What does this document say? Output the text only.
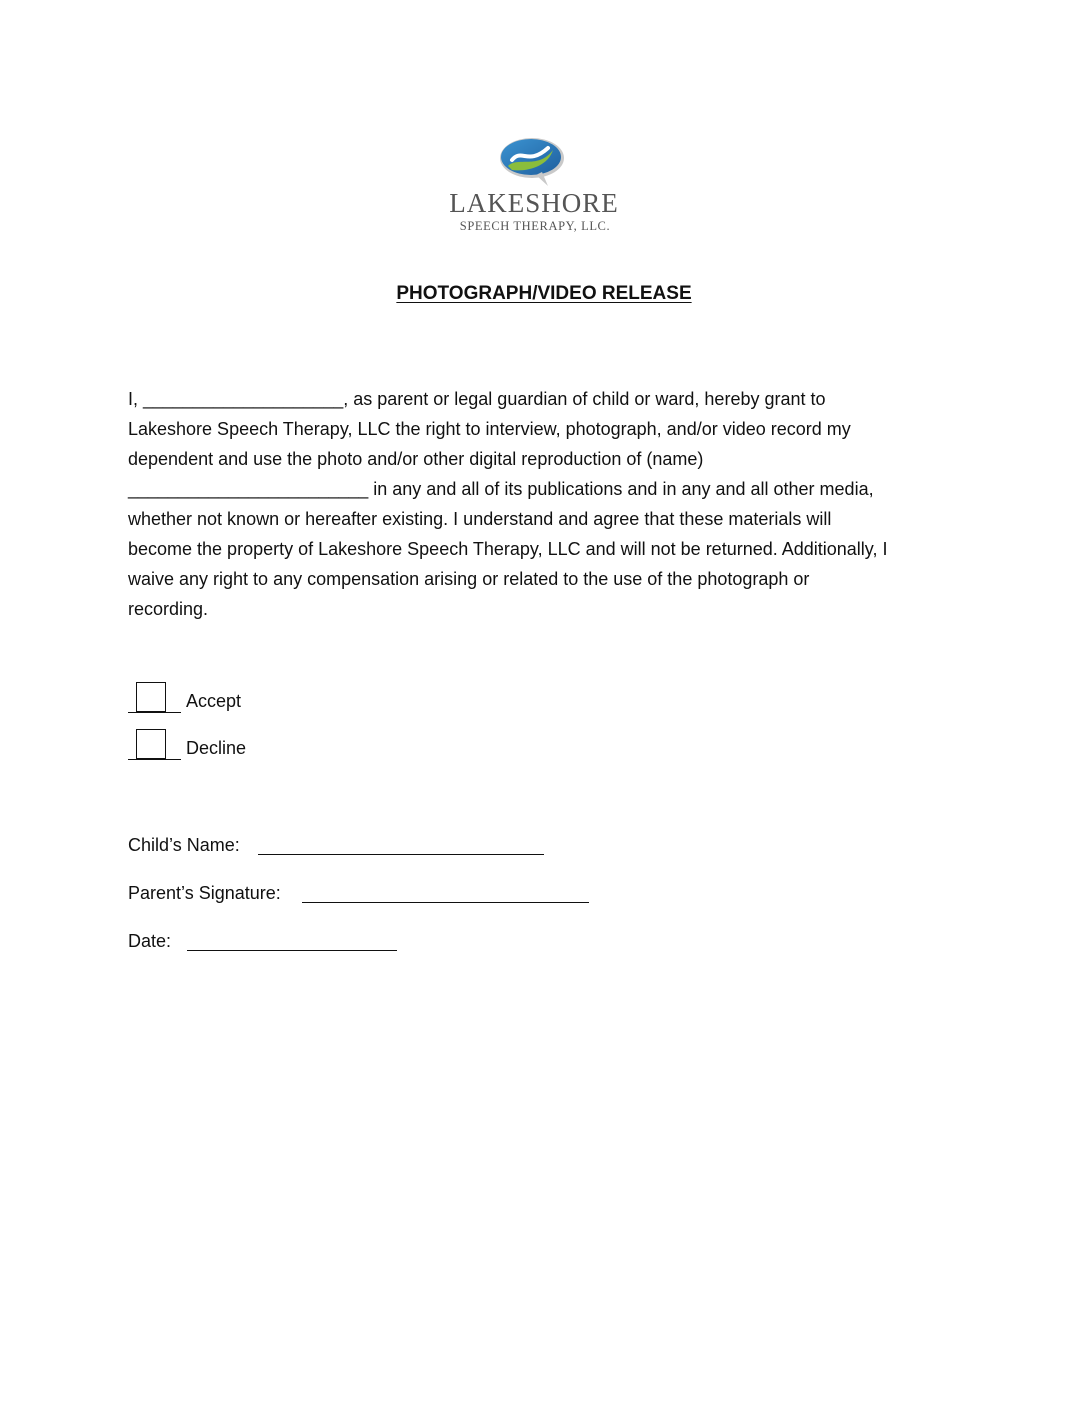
LAKESHORE
SPEECH THERAPY, LLC.
PHOTOGRAPH/VIDEO RELEASE
I, ____________________, as parent or legal guardian of child or ward, hereby grant to
Lakeshore Speech Therapy, LLC the right to interview, photograph, and/or video record my
dependent and use the photo and/or other digital reproduction of (name)
________________________ in any and all of its publications and in any and all other media,
whether not known or hereafter existing. I understand and agree that these materials will
become the property of Lakeshore Speech Therapy, LLC and will not be returned. Additionally, I
waive any right to any compensation arising or related to the use of the photograph or
recording.
Accept
Decline
Child’s Name:
Parent’s Signature:
Date:
